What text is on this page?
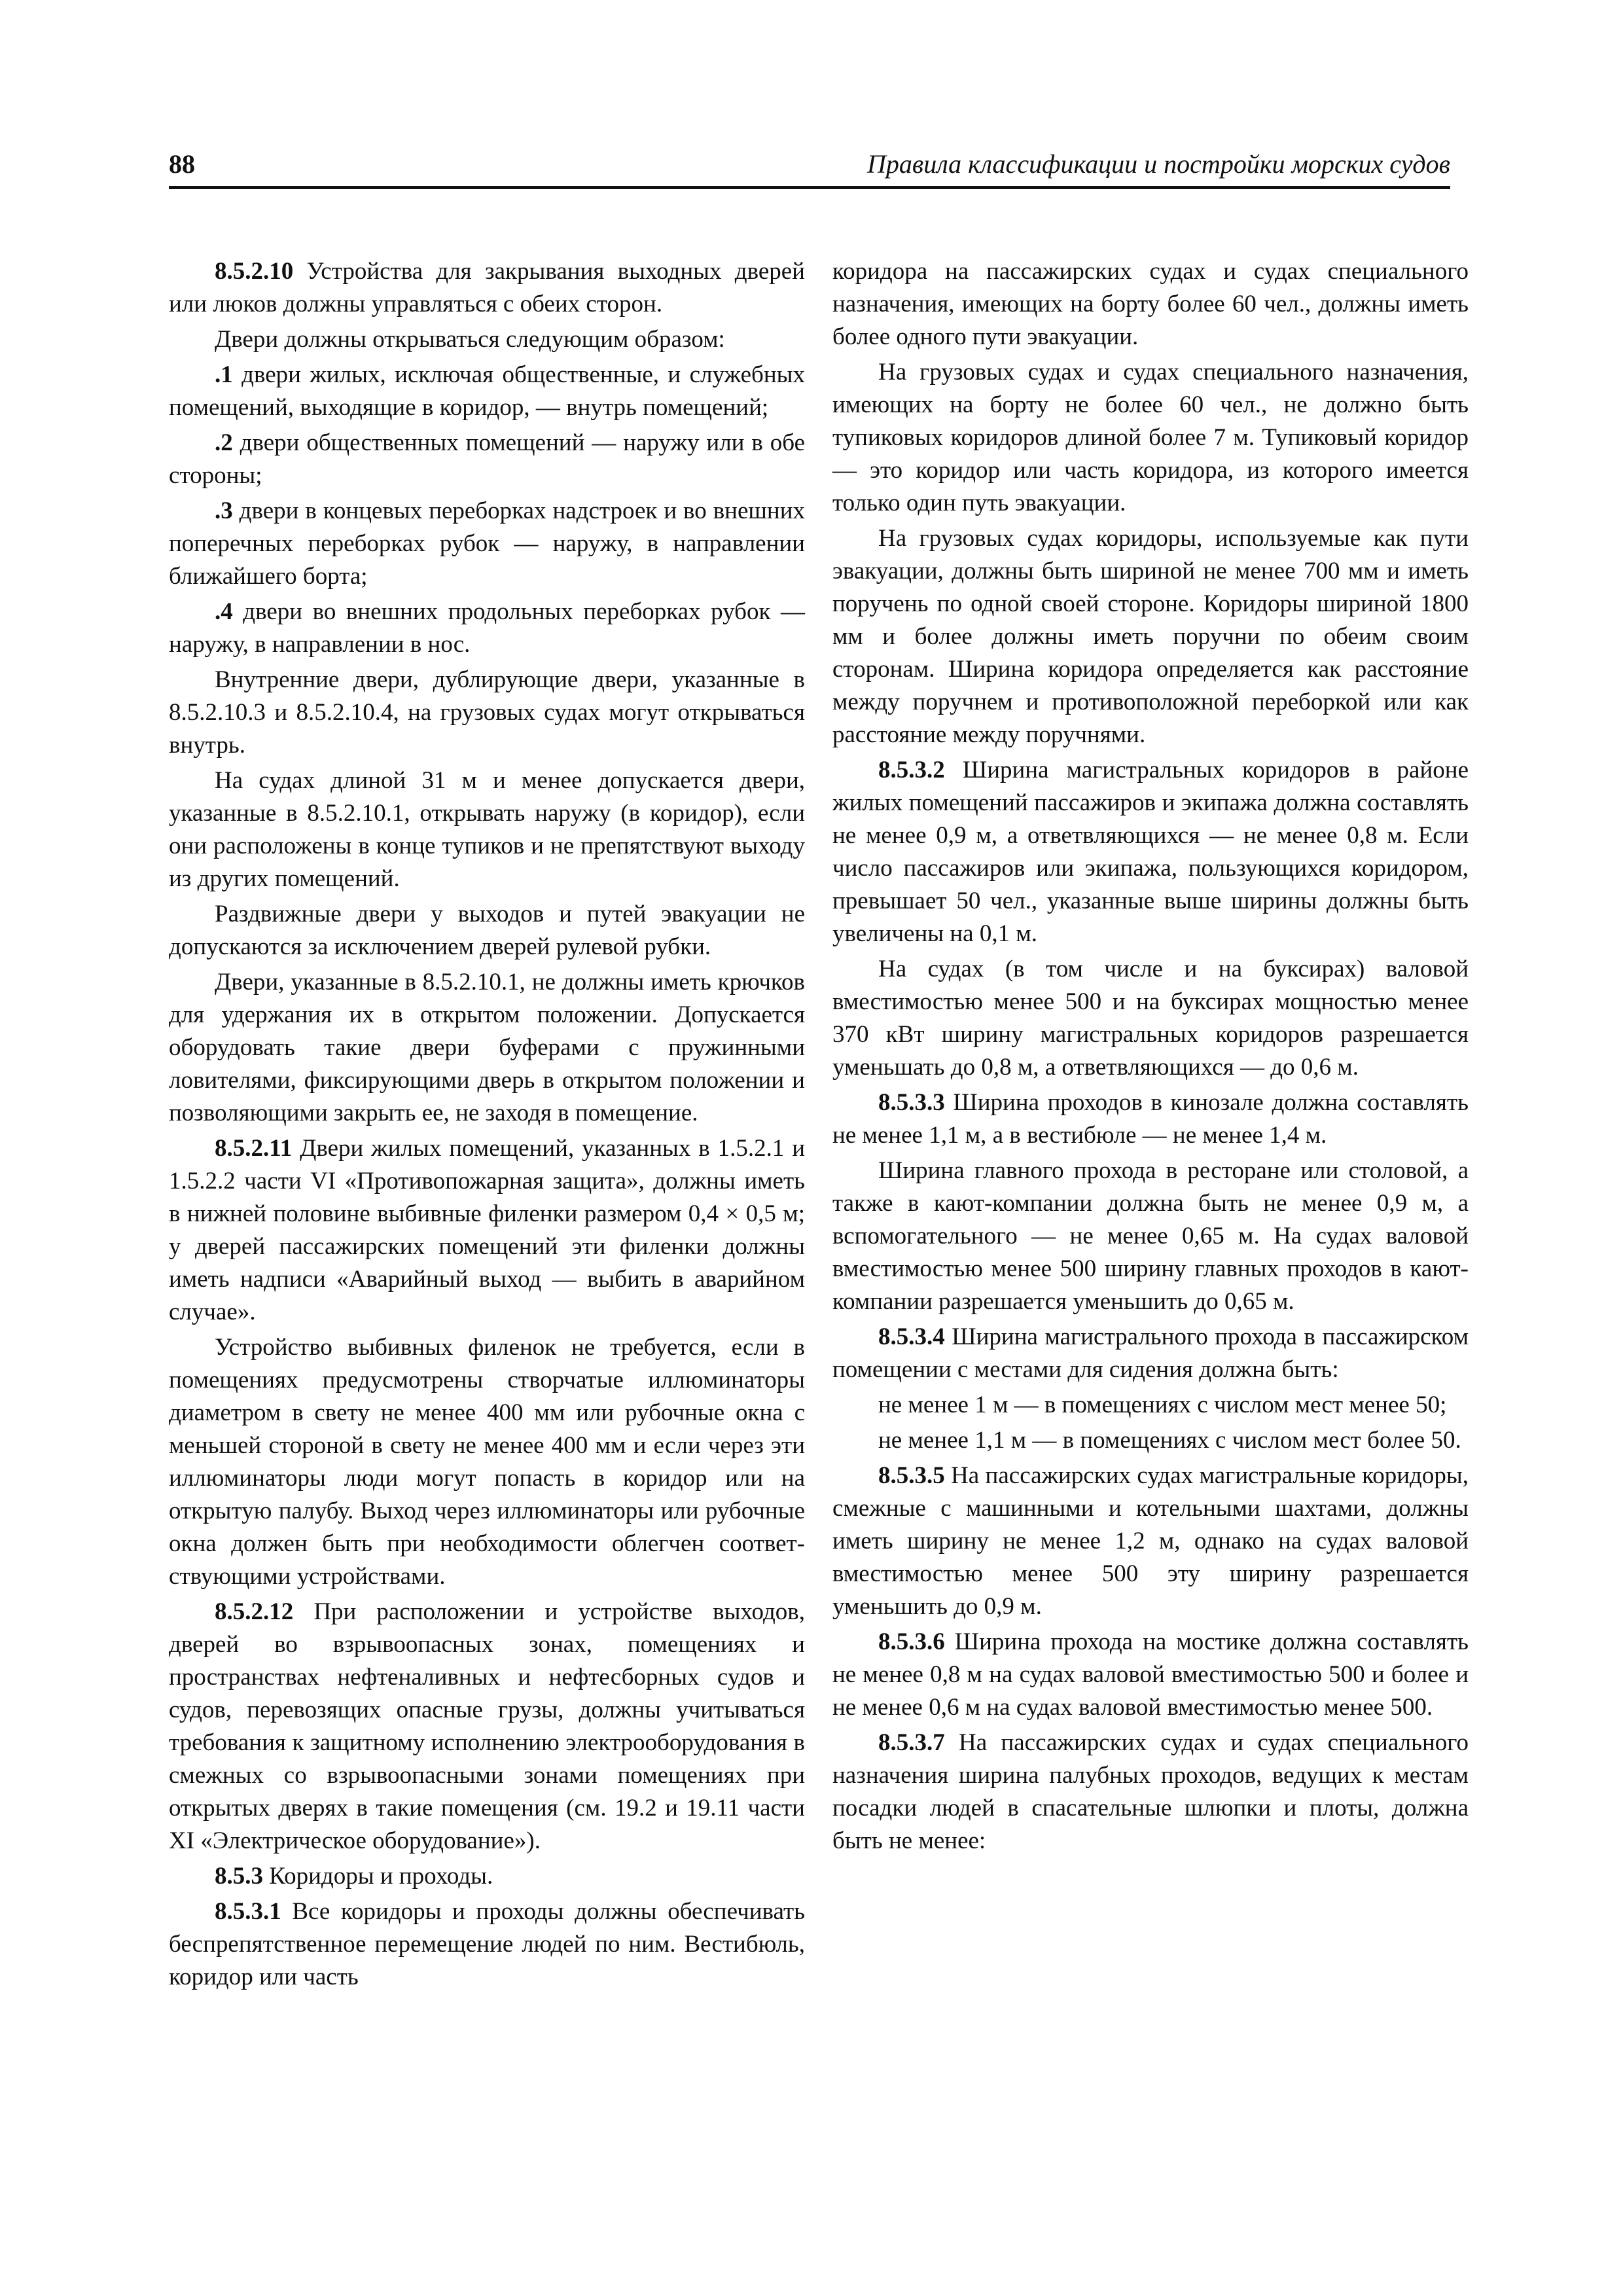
88	Правила классификации и постройки морских судов

8.5.2.10 Устройства для закрывания выходных дверей или люков должны управляться с обеих сторон.

Двери должны открываться следующим образом:

.1 двери жилых, исключая общественные, и служебных помещений, выходящие в коридор, — внутрь помещений;

.2 двери общественных помещений — наружу или в обе стороны;

.3 двери в концевых переборках надстроек и во внешних поперечных переборках рубок — наружу, в направлении ближайшего борта;

.4 двери во внешних продольных переборках рубок — наружу, в направлении в нос.

Внутренние двери, дублирующие двери, указанные в 8.5.2.10.3 и 8.5.2.10.4, на грузовых судах могут открываться внутрь.

На судах длиной 31 м и менее допускается двери, указанные в 8.5.2.10.1, открывать наружу (в коридор), если они расположены в конце тупиков и не препятствуют выходу из других помещений.

Раздвижные двери у выходов и путей эвакуации не допускаются за исключением дверей рулевой рубки.

Двери, указанные в 8.5.2.10.1, не должны иметь крючков для удержания их в открытом положении. Допускается оборудовать такие двери буферами с пружинными ловителями, фиксирующими дверь в открытом положении и позволяющими закрыть ее, не заходя в помещение.

8.5.2.11 Двери жилых помещений, указанных в 1.5.2.1 и 1.5.2.2 части VI «Противопожарная защита», должны иметь в нижней половине выбивные филенки размером 0,4 × 0,5 м; у дверей пассажирских помещений эти филенки должны иметь надписи «Аварийный выход — выбить в аварийном случае».

Устройство выбивных филенок не требуется, если в помещениях предусмотрены створчатые иллюминаторы диаметром в свету не менее 400 мм или рубочные окна с меньшей стороной в свету не менее 400 мм и если через эти иллюминаторы люди могут попасть в коридор или на открытую палубу. Выход через иллюминаторы или рубочные окна должен быть при необходимости облегчен соответ-ствующими устройствами.

8.5.2.12 При расположении и устройстве выходов, дверей во взрывоопасных зонах, помещениях и пространствах нефтеналивных и нефтесборных судов и судов, перевозящих опасные грузы, должны учитываться требования к защитному исполнению электрооборудования в смежных со взрывоопасными зонами помещениях при открытых дверях в такие помещения (см. 19.2 и 19.11 части XI «Электрическое оборудование»).

8.5.3 Коридоры и проходы.

8.5.3.1 Все коридоры и проходы должны обеспечивать беспрепятственное перемещение людей по ним. Вестибюль, коридор или часть

коридора на пассажирских судах и судах специального назначения, имеющих на борту более 60 чел., должны иметь более одного пути эвакуации.

На грузовых судах и судах специального назначения, имеющих на борту не более 60 чел., не должно быть тупиковых коридоров длиной более 7 м. Тупиковый коридор — это коридор или часть коридора, из которого имеется только один путь эвакуации.

На грузовых судах коридоры, используемые как пути эвакуации, должны быть шириной не менее 700 мм и иметь поручень по одной своей стороне. Коридоры шириной 1800 мм и более должны иметь поручни по обеим своим сторонам. Ширина коридора определяется как расстояние между поручнем и противоположной переборкой или как расстояние между поручнями.

8.5.3.2 Ширина магистральных коридоров в районе жилых помещений пассажиров и экипажа должна составлять не менее 0,9 м, а ответвляющихся — не менее 0,8 м. Если число пассажиров или экипажа, пользующихся коридором, превышает 50 чел., указанные выше ширины должны быть увеличены на 0,1 м.

На судах (в том числе и на буксирах) валовой вместимостью менее 500 и на буксирах мощностью менее 370 кВт ширину магистральных коридоров разрешается уменьшать до 0,8 м, а ответвляющихся — до 0,6 м.

8.5.3.3 Ширина проходов в кинозале должна составлять не менее 1,1 м, а в вестибюле — не менее 1,4 м.

Ширина главного прохода в ресторане или столовой, а также в кают-компании должна быть не менее 0,9 м, а вспомогательного — не менее 0,65 м. На судах валовой вместимостью менее 500 ширину главных проходов в кают-компании разрешается уменьшить до 0,65 м.

8.5.3.4 Ширина магистрального прохода в пассажирском помещении с местами для сидения должна быть:

не менее 1 м — в помещениях с числом мест менее 50;

не менее 1,1 м — в помещениях с числом мест более 50.

8.5.3.5 На пассажирских судах магистральные коридоры, смежные с машинными и котельными шахтами, должны иметь ширину не менее 1,2 м, однако на судах валовой вместимостью менее 500 эту ширину разрешается уменьшить до 0,9 м.

8.5.3.6 Ширина прохода на мостике должна составлять не менее 0,8 м на судах валовой вместимостью 500 и более и не менее 0,6 м на судах валовой вместимостью менее 500.

8.5.3.7 На пассажирских судах и судах специального назначения ширина палубных проходов, ведущих к местам посадки людей в спасательные шлюпки и плоты, должна быть не менее:
